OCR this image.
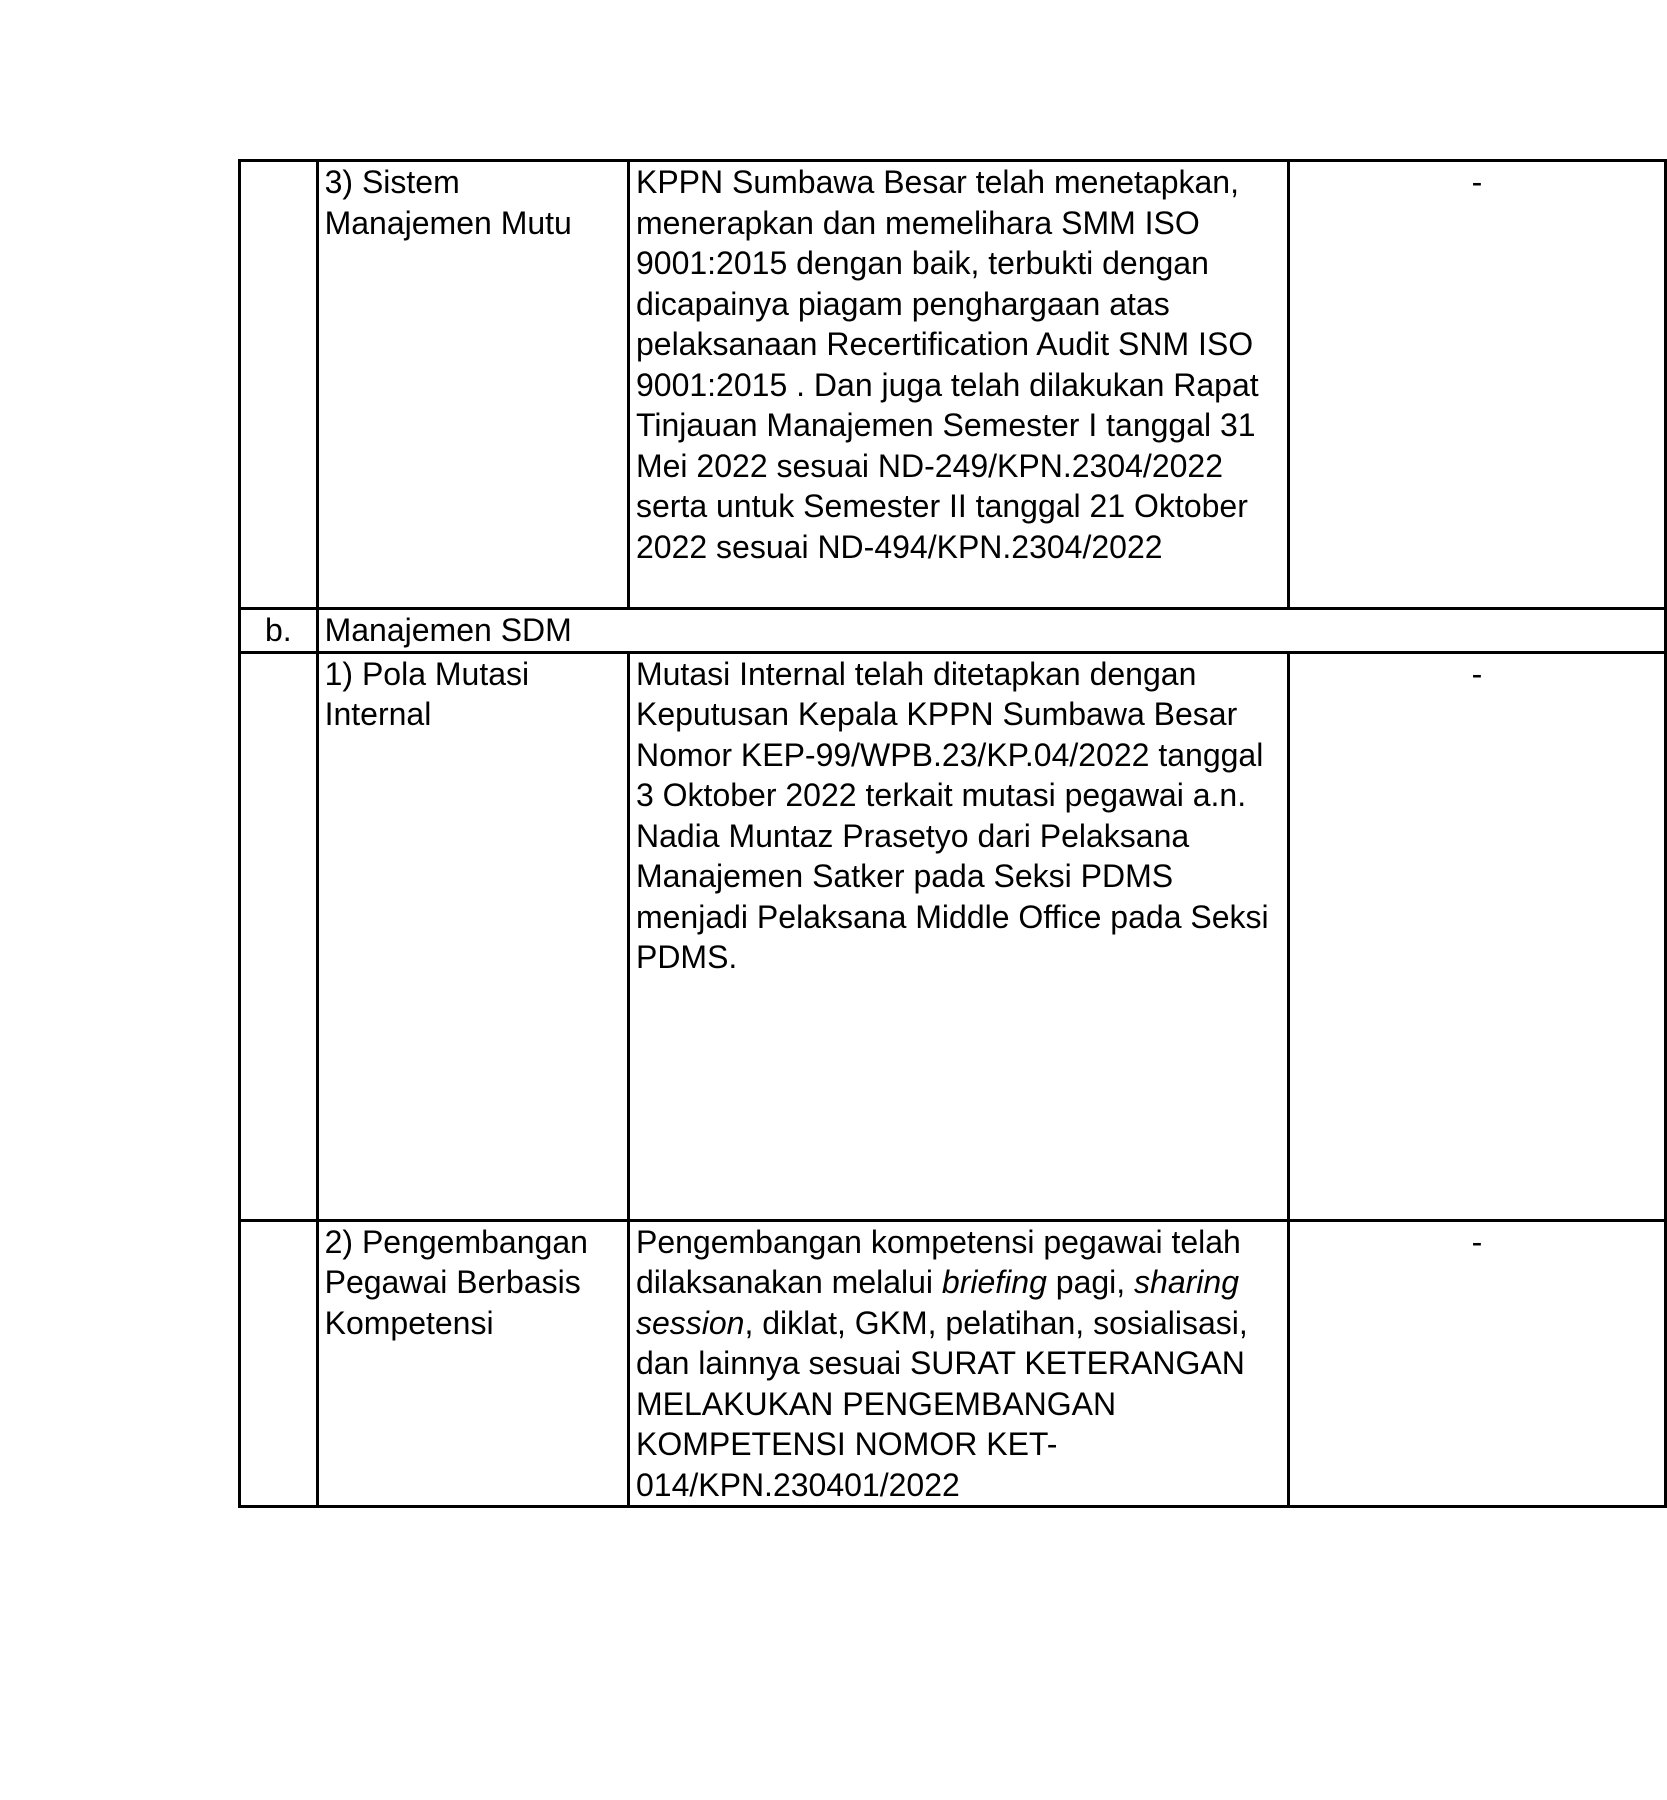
	3) Sistem Manajemen Mutu	KPPN Sumbawa Besar telah menetapkan, menerapkan dan memelihara SMM ISO 9001:2015 dengan baik, terbukti dengan dicapainya piagam penghargaan atas pelaksanaan Recertification Audit SNM ISO 9001:2015 . Dan juga telah dilakukan Rapat Tinjauan Manajemen Semester I tanggal 31 Mei 2022 sesuai ND-249/KPN.2304/2022 serta untuk Semester II tanggal 21 Oktober 2022 sesuai ND-494/KPN.2304/2022	-
b.	Manajemen SDM		
	1) Pola Mutasi Internal	Mutasi Internal telah ditetapkan dengan Keputusan Kepala KPPN Sumbawa Besar Nomor KEP-99/WPB.23/KP.04/2022 tanggal 3 Oktober 2022 terkait mutasi pegawai a.n. Nadia Muntaz Prasetyo dari Pelaksana Manajemen Satker pada Seksi PDMS menjadi Pelaksana Middle Office pada Seksi PDMS.	-
	2) Pengembangan Pegawai Berbasis Kompetensi	Pengembangan kompetensi pegawai telah dilaksanakan melalui briefing pagi, sharing session, diklat, GKM, pelatihan, sosialisasi, dan lainnya sesuai SURAT KETERANGAN MELAKUKAN PENGEMBANGAN KOMPETENSI NOMOR KET-014/KPN.230401/2022	-
